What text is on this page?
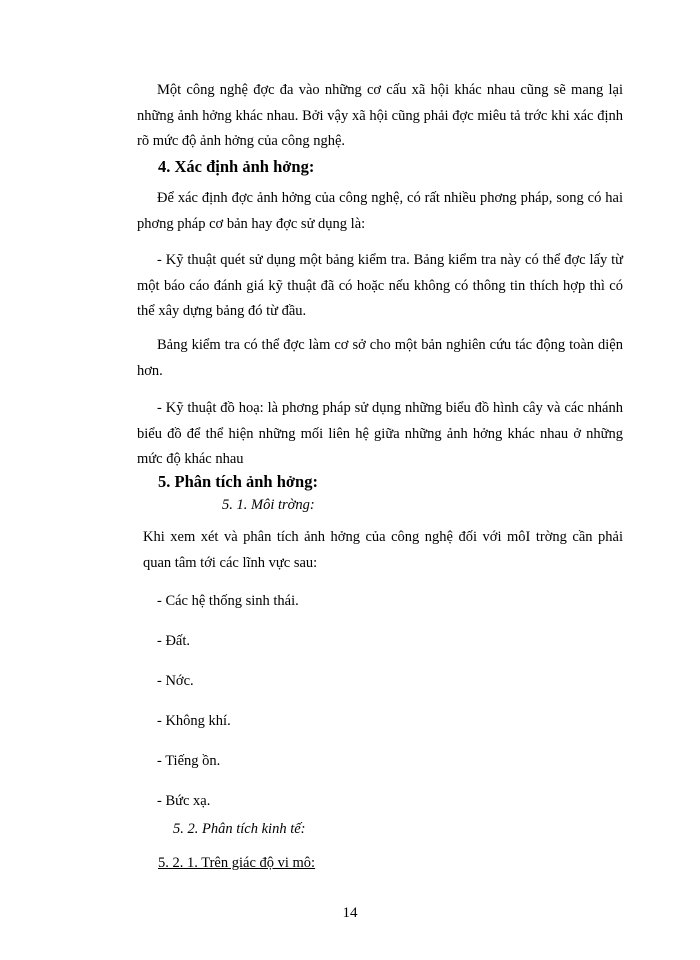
Một công nghệ đợc đa vào những cơ cấu xã hội khác nhau cũng sẽ mang lại những ảnh hởng khác nhau. Bởi vậy xã hội cũng phải đợc miêu tả trớc khi xác định rõ mức độ ảnh hởng của công nghệ.

4. Xác định ảnh hởng:

Để xác định đợc ảnh hởng của công nghệ, có rất nhiều phơng pháp, song có hai phơng pháp cơ bản hay đợc sử dụng là:

- Kỹ thuật quét sử dụng một bảng kiểm tra. Bảng kiểm tra này có thể đợc lấy từ một báo cáo đánh giá kỹ thuật đã có hoặc nếu không có thông tin thích hợp thì có thể xây dựng bảng đó từ đầu.

Bảng kiểm tra có thể đợc làm cơ sở cho một bản nghiên cứu tác động toàn diện hơn.

- Kỹ thuật đồ hoạ: là phơng pháp sử dụng những biểu đồ hình cây và các nhánh biểu đồ để thể hiện những mối liên hệ giữa những ảnh hởng khác nhau ở những mức độ khác nhau

5. Phân tích ảnh hởng:

5. 1. Môi trờng:

Khi xem xét và phân tích ảnh hởng của công nghệ đối với môI trờng cần phải quan tâm tới các lĩnh vực sau:

- Các hệ thống sinh thái.

- Đất.

- Nớc.

- Không khí.

- Tiếng ồn.

- Bức xạ.

5. 2. Phân tích kinh tế:

5. 2. 1. Trên giác độ vi mô:

14
